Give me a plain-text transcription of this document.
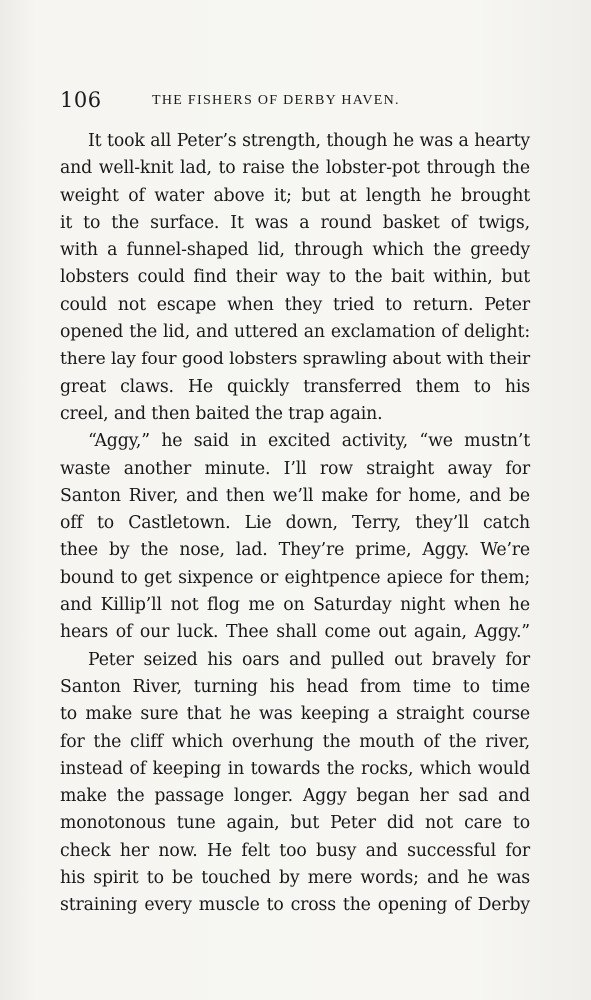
106	THE FISHERS OF DERBY HAVEN.
It took all Peter’s strength, though he was a hearty
and well-knit lad, to raise the lobster-pot through the
weight of water above it; but at length he brought
it to the surface. It was a round basket of twigs,
with a funnel-shaped lid, through which the greedy
lobsters could find their way to the bait within, but
could not escape when they tried to return. Peter
opened the lid, and uttered an exclamation of delight:
there lay four good lobsters sprawling about with their
great claws. He quickly transferred them to his
creel, and then baited the trap again.
“Aggy,” he said in excited activity, “we mustn’t
waste another minute. I’ll row straight away for
Santon River, and then we’ll make for home, and be
off to Castletown. Lie down, Terry, they’ll catch
thee by the nose, lad. They’re prime, Aggy. We’re
bound to get sixpence or eightpence apiece for them;
and Killip’ll not flog me on Saturday night when he
hears of our luck. Thee shall come out again, Aggy.”
Peter seized his oars and pulled out bravely for
Santon River, turning his head from time to time
to make sure that he was keeping a straight course
for the cliff which overhung the mouth of the river,
instead of keeping in towards the rocks, which would
make the passage longer. Aggy began her sad and
monotonous tune again, but Peter did not care to
check her now. He felt too busy and successful for
his spirit to be touched by mere words; and he was
straining every muscle to cross the opening of Derby
